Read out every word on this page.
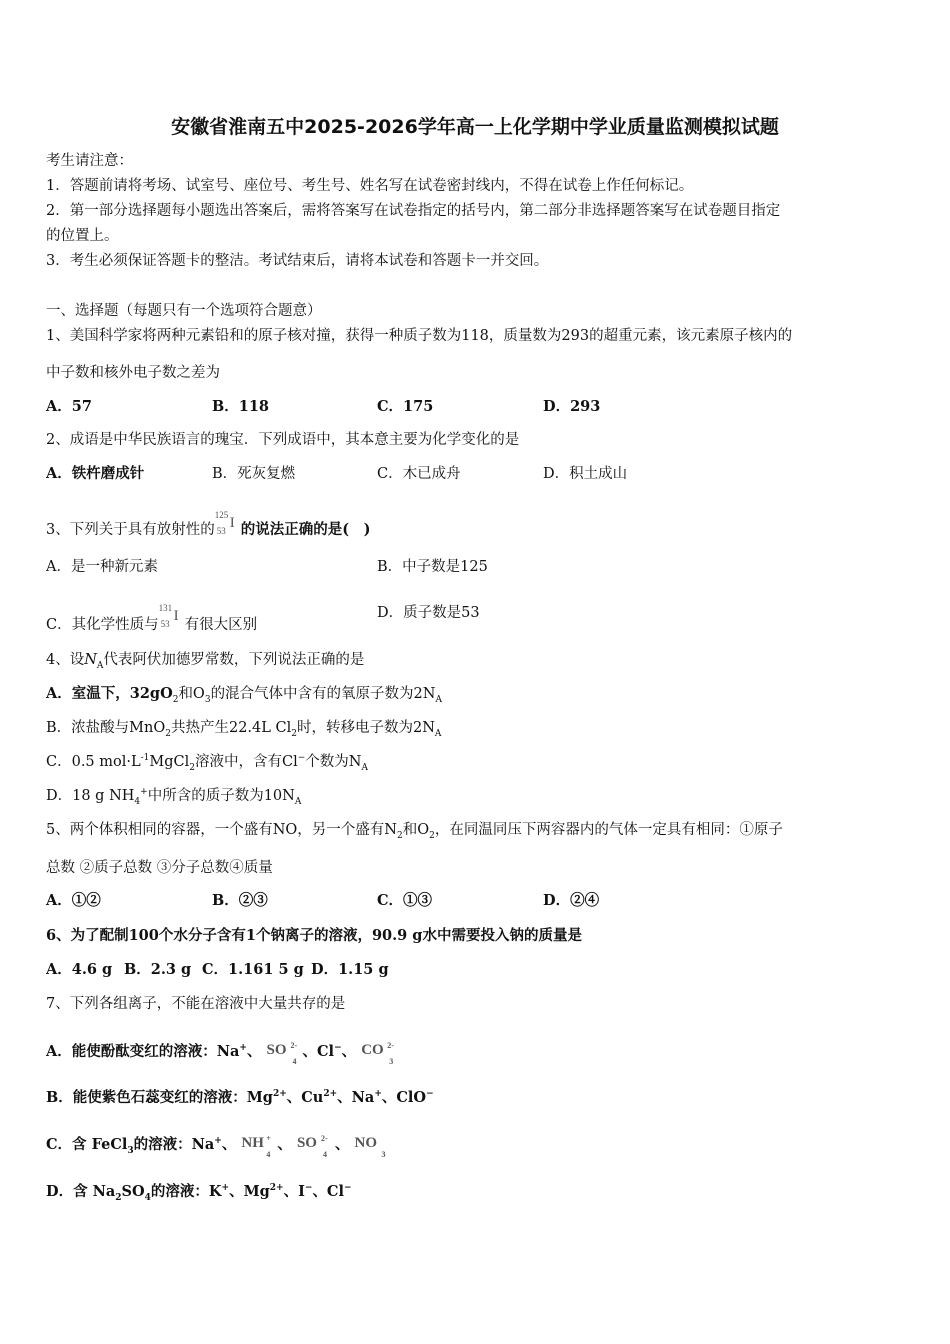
安徽省淮南五中2025-2026学年高一上化学期中学业质量监测模拟试题
考生请注意：
1．答题前请将考场、试室号、座位号、考生号、姓名写在试卷密封线内，不得在试卷上作任何标记。
2．第一部分选择题每小题选出答案后，需将答案写在试卷指定的括号内，第二部分非选择题答案写在试卷题目指定
的位置上。
3．考生必须保证答题卡的整洁。考试结束后，请将本试卷和答题卡一并交回。
一、选择题（每题只有一个选项符合题意）
1、美国科学家将两种元素铅和的原子核对撞，获得一种质子数为118，质量数为293的超重元素，该元素原子核内的
中子数和核外电子数之差为
A．57	B．118	C．175	D．293
2、成语是中华民族语言的瑰宝．下列成语中，其本意主要为化学变化的是
A．铁杵磨成针	B．死灰复燃	C．木已成舟	D．积土成山
3、下列关于具有放射性的
125
53 I 的说法正确的是(　)
A．是一种新元素	B．中子数是125
C．其化学性质与
131
53 I
有很大区别
D．质子数是53
4、设$N_A$代表阿伏加德罗常数，下列说法正确的是
A．室温下，$32gO_2$和$O_3$的混合气体中含有的氧原子数为$2N_A$
B．浓盐酸与MnO$_2$共热产生22.4L $Cl_2$时，转移电子数为$2N_A$
C．0.5 $mol\cdot L^{-1}MgCl_2$溶液中，含有Cl−个数为$N_A$
D．18 g $NH_4^+$中所含的质子数为$10N_A$
5、两个体积相同的容器，一个盛有NO，另一个盛有$N_2$和$O_2$，在同温同压下两容器内的气体一定具有相同：①原子
总数 ②质子总数 ③分子总数④质量
A．①②	B．②③	C．①③	D．②④
6、为了配制100个水分子含有1个钠离子的溶液，90.9 g水中需要投入钠的质量是
A．4.6 g B．2.3 g C．1.161 5 g D．1.15 g
7、下列各组离子，不能在溶液中大量共存的是
A．能使酚酞变红的溶液：Na+、 SO 2-
4
、Cl−、 CO 2-
3
B．能使紫色石蕊变红的溶液：$Mg^{2+}$、$Cu^{2+}$、Na+、ClO−
C．含 FeCl$_3$的溶液：Na+、 NH +
4
、 SO 2-
4
、 NO
3
D．含 $Na_2SO_4$的溶液：K+、$Mg^{2+}$、I−、Cl−
